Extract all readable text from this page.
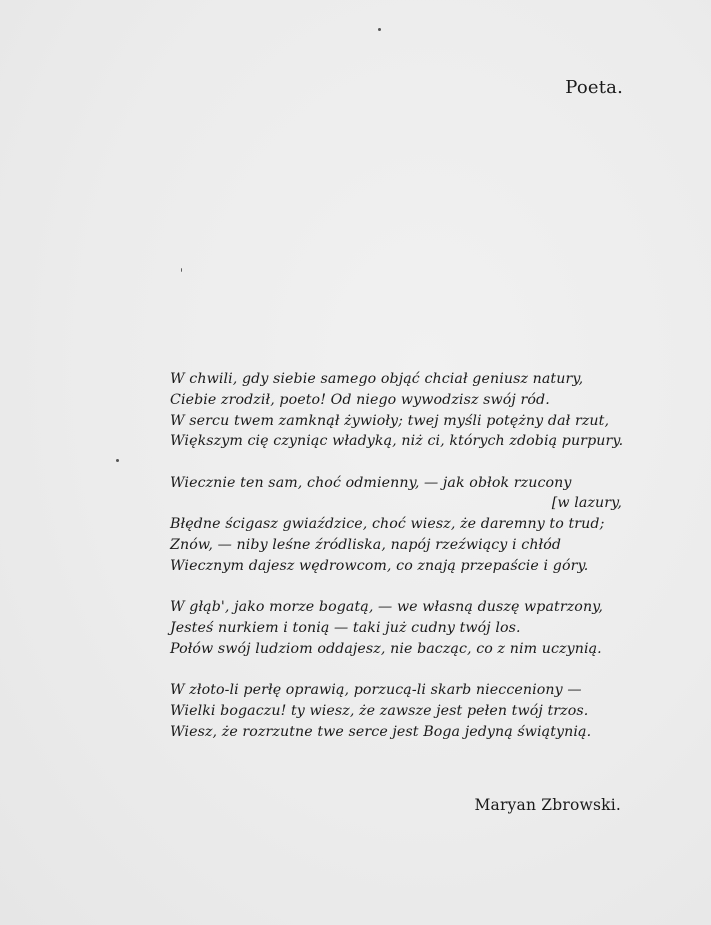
Poeta.
W chwili, gdy siebie samego objąć chciał geniusz natury,
Ciebie zrodził, poeto! Od niego wywodzisz swój ród.
W sercu twem zamknął żywioły; twej myśli potężny dał rzut,
Większym cię czyniąc władyką, niż ci, których zdobią purpury.
Wiecznie ten sam, choć odmienny, — jak obłok rzucony
[w lazury,
Błędne ścigasz gwiaździce, choć wiesz, że daremny to trud;
Znów, — niby leśne źródliska, napój rzeźwiący i chłód
Wiecznym dajesz wędrowcom, co znają przepaście i góry.
W głąb', jako morze bogatą, — we własną duszę wpatrzony,
Jesteś nurkiem i tonią — taki już cudny twój los.
Połów swój ludziom oddajesz, nie bacząc, co z nim uczynią.
W złoto-li perłę oprawią, porzucą-li skarb niecceniony —
Wielki bogaczu! ty wiesz, że zawsze jest pełen twój trzos.
Wiesz, że rozrzutne twe serce jest Boga jedyną świątynią.
Maryan Zbrowski.
